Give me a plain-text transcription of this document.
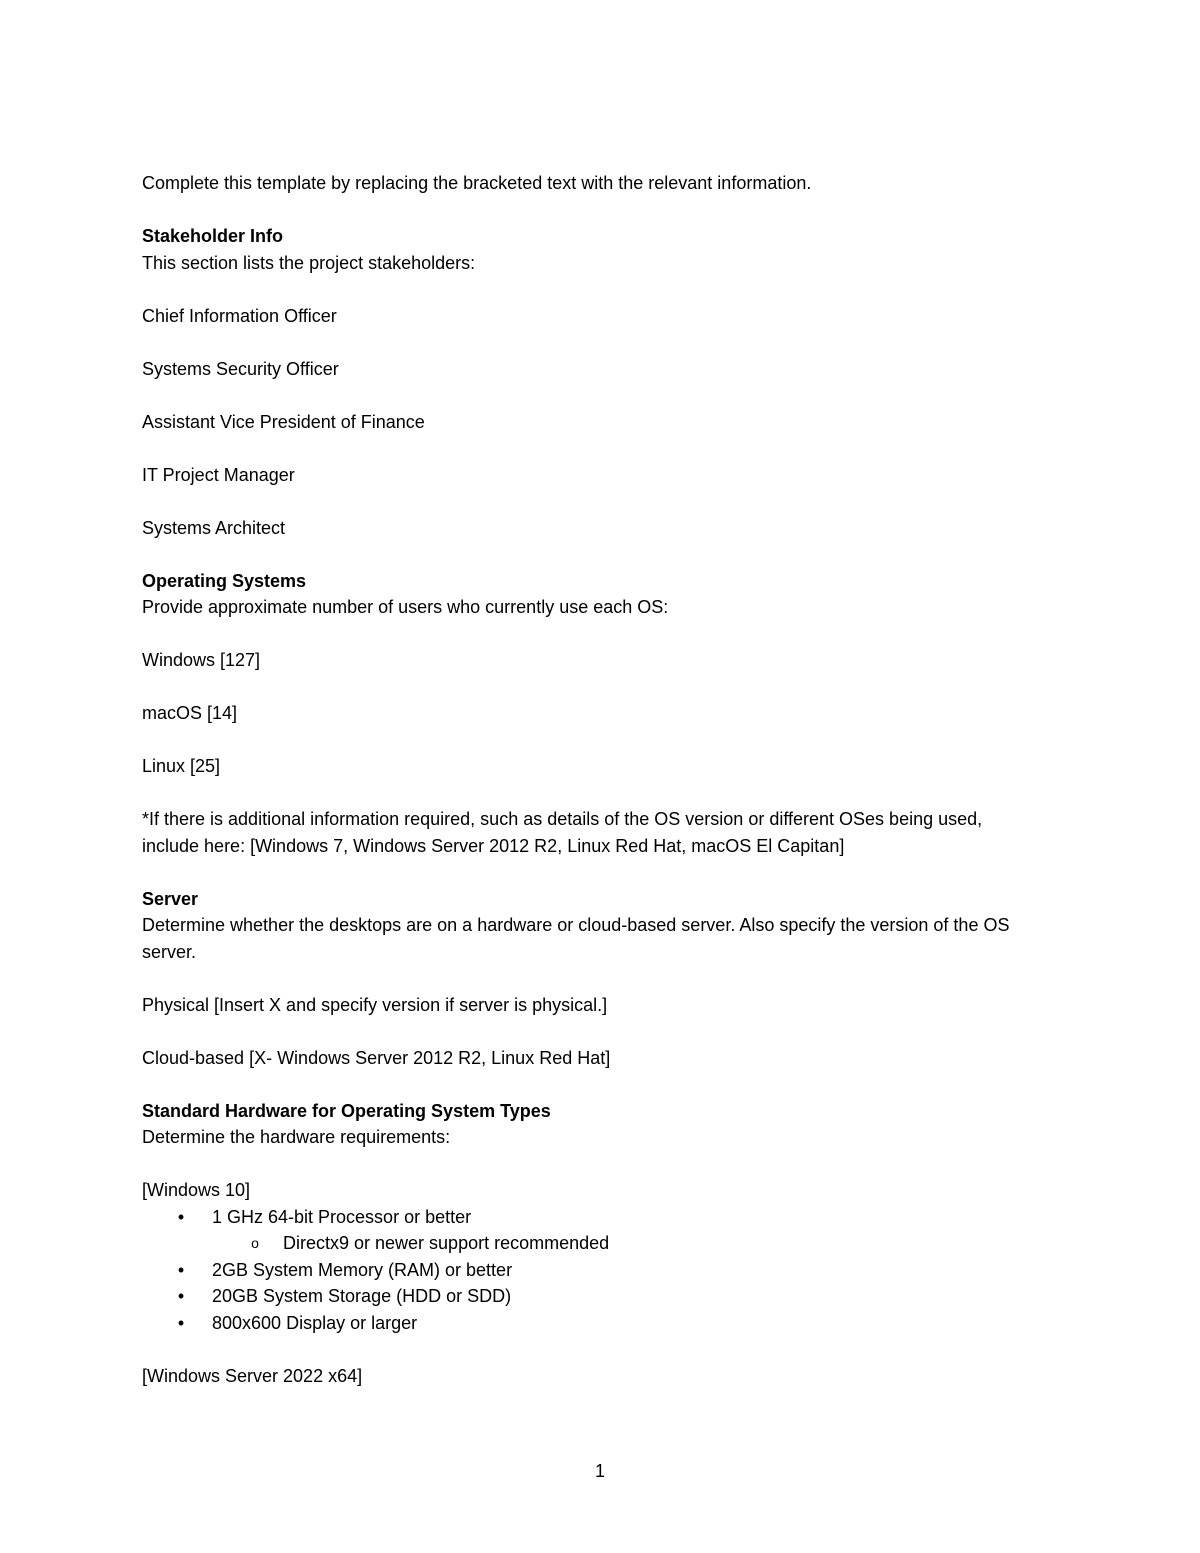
Complete this template by replacing the bracketed text with the relevant information.

Stakeholder Info

This section lists the project stakeholders:

Chief Information Officer

Systems Security Officer

Assistant Vice President of Finance

IT Project Manager

Systems Architect

Operating Systems

Provide approximate number of users who currently use each OS:

Windows [127]

macOS [14]

Linux [25]

*If there is additional information required, such as details of the OS version or different OSes being used, include here: [Windows 7, Windows Server 2012 R2, Linux Red Hat, macOS El Capitan]

Server

Determine whether the desktops are on a hardware or cloud-based server. Also specify the version of the OS server.

Physical [Insert X and specify version if server is physical.]

Cloud-based [X- Windows Server 2012 R2, Linux Red Hat]

Standard Hardware for Operating System Types

Determine the hardware requirements:

[Windows 10]

• 1 GHz 64-bit Processor or better
o Directx9 or newer support recommended
• 2GB System Memory (RAM) or better
• 20GB System Storage (HDD or SDD)
• 800x600 Display or larger

[Windows Server 2022 x64]

1
